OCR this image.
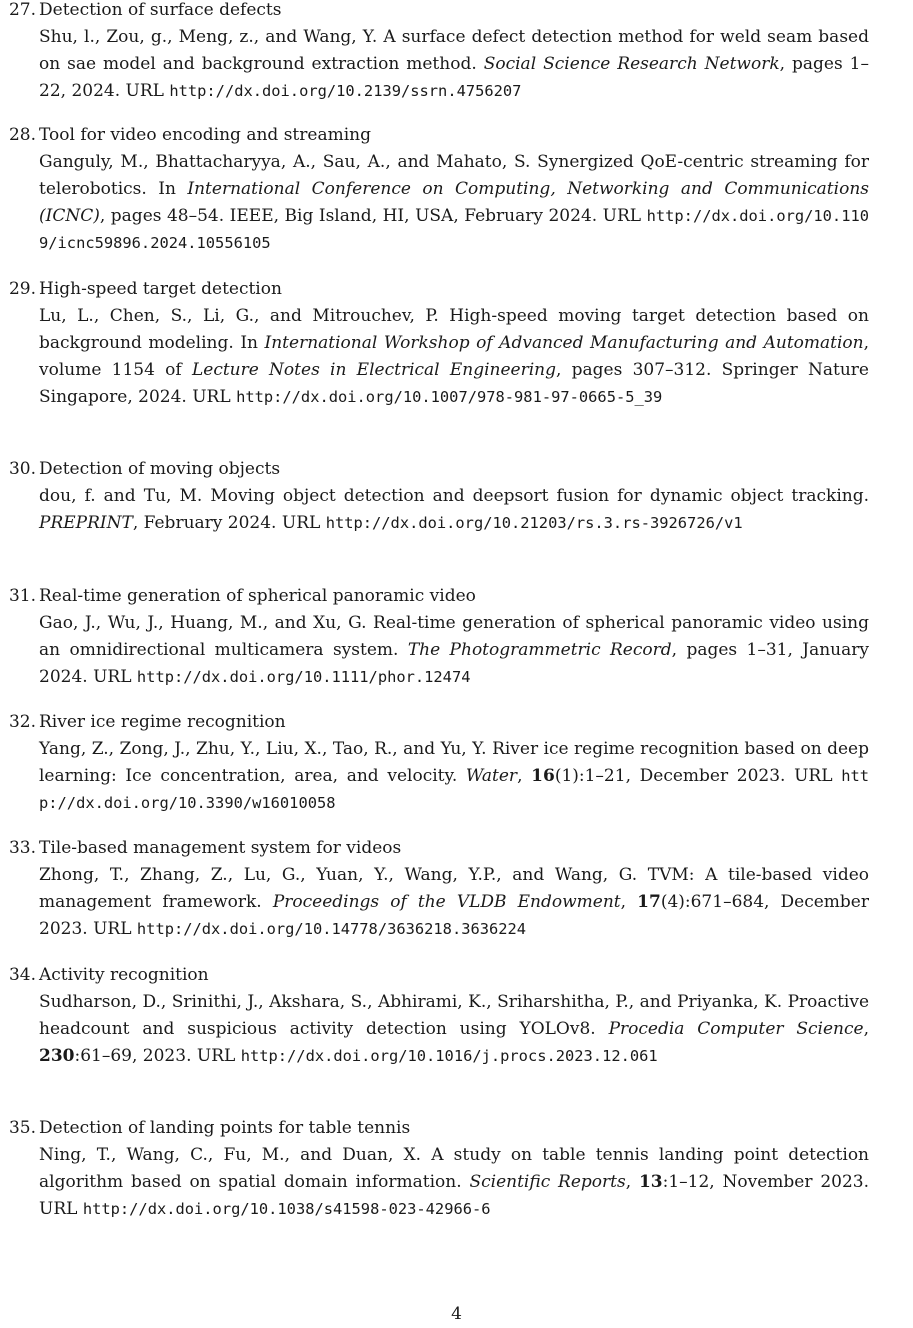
27. Detection of surface defects
Shu, l., Zou, g., Meng, z., and Wang, Y. A surface defect detection method for weld seam based on sae model and background extraction method. Social Science Research Network, pages 1–22, 2024. URL http://dx.doi.org/10.2139/ssrn.4756207
28. Tool for video encoding and streaming
Ganguly, M., Bhattacharyya, A., Sau, A., and Mahato, S. Synergized QoE-centric streaming for telerobotics. In International Conference on Computing, Networking and Communications (ICNC), pages 48–54. IEEE, Big Island, HI, USA, February 2024. URL http://dx.doi.org/10.1109/icnc59896.2024.10556105
29. High-speed target detection
Lu, L., Chen, S., Li, G., and Mitrouchev, P. High-speed moving target detection based on background modeling. In International Workshop of Advanced Manufacturing and Automation, volume 1154 of Lecture Notes in Electrical Engineering, pages 307–312. Springer Nature Singapore, 2024. URL http://dx.doi.org/10.1007/978-981-97-0665-5_39
30. Detection of moving objects
dou, f. and Tu, M. Moving object detection and deepsort fusion for dynamic object tracking. PREPRINT, February 2024. URL http://dx.doi.org/10.21203/rs.3.rs-3926726/v1
31. Real-time generation of spherical panoramic video
Gao, J., Wu, J., Huang, M., and Xu, G. Real-time generation of spherical panoramic video using an omnidirectional multicamera system. The Photogrammetric Record, pages 1–31, January 2024. URL http://dx.doi.org/10.1111/phor.12474
32. River ice regime recognition
Yang, Z., Zong, J., Zhu, Y., Liu, X., Tao, R., and Yu, Y. River ice regime recognition based on deep learning: Ice concentration, area, and velocity. Water, 16(1):1–21, December 2023. URL http://dx.doi.org/10.3390/w16010058
33. Tile-based management system for videos
Zhong, T., Zhang, Z., Lu, G., Yuan, Y., Wang, Y.P., and Wang, G. TVM: A tile-based video management framework. Proceedings of the VLDB Endowment, 17(4):671–684, December 2023. URL http://dx.doi.org/10.14778/3636218.3636224
34. Activity recognition
Sudharson, D., Srinithi, J., Akshara, S., Abhirami, K., Sriharshitha, P., and Priyanka, K. Proactive headcount and suspicious activity detection using YOLOv8. Procedia Computer Science, 230:61–69, 2023. URL http://dx.doi.org/10.1016/j.procs.2023.12.061
35. Detection of landing points for table tennis
Ning, T., Wang, C., Fu, M., and Duan, X. A study on table tennis landing point detection algorithm based on spatial domain information. Scientific Reports, 13:1–12, November 2023. URL http://dx.doi.org/10.1038/s41598-023-42966-6
4
